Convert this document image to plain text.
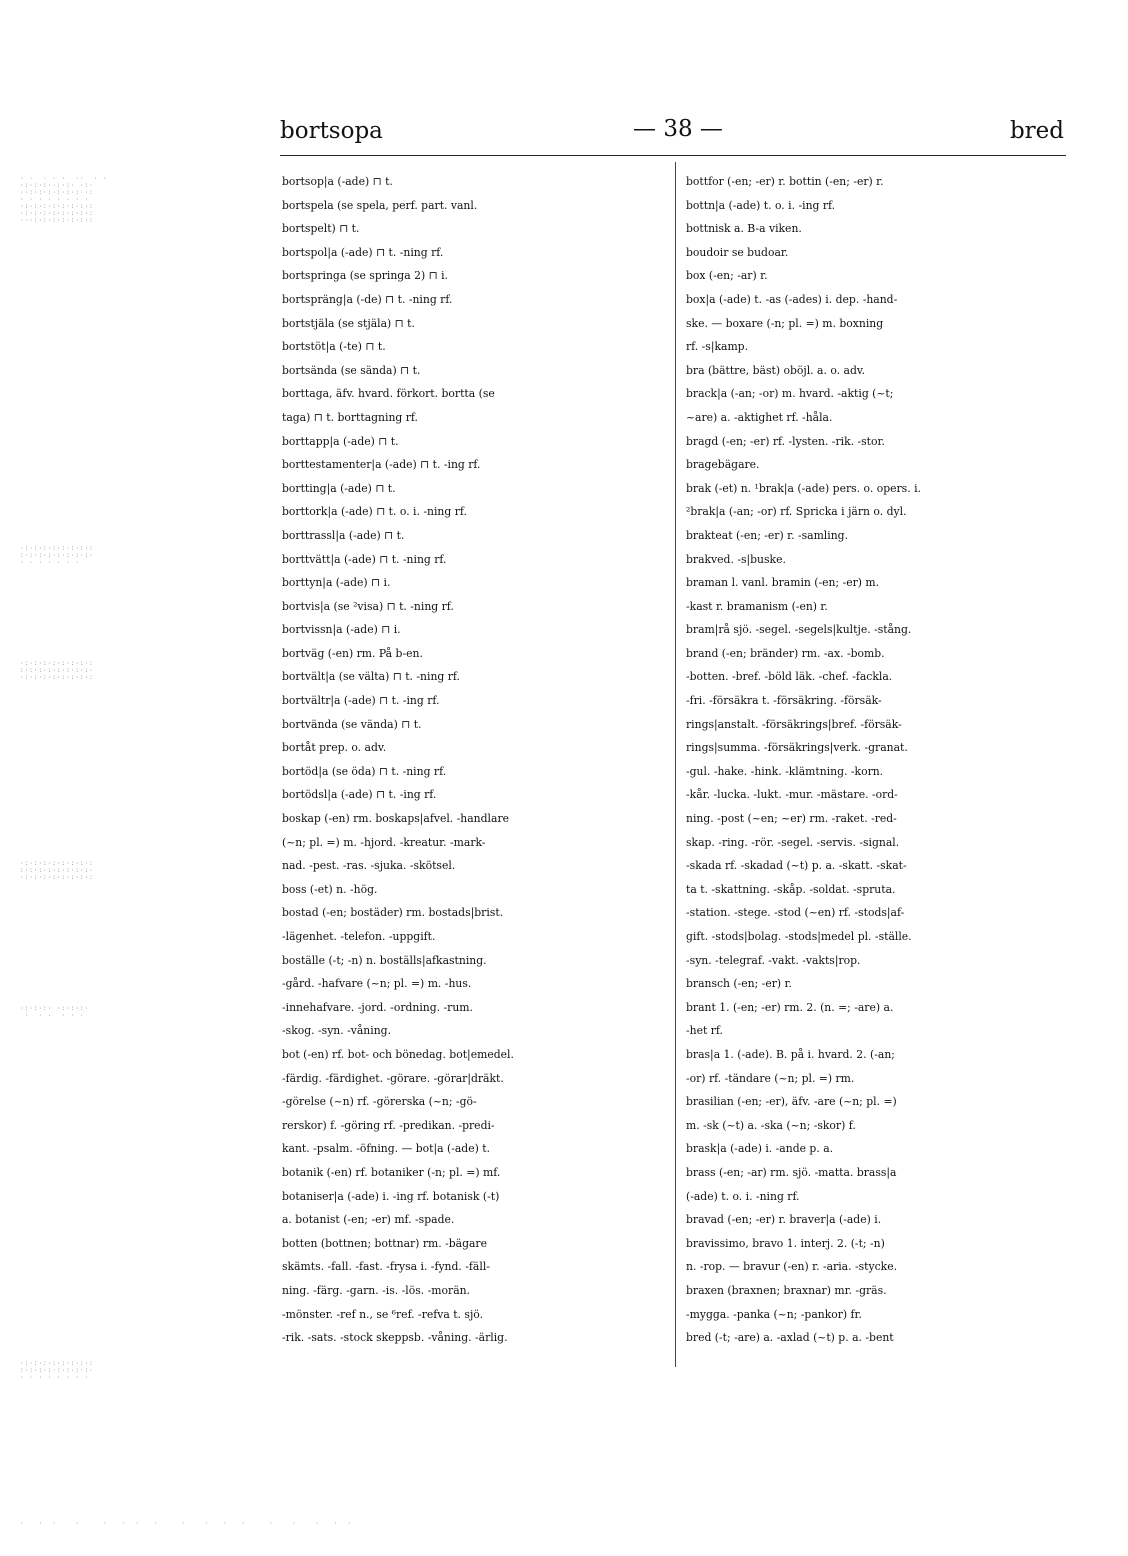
bortsopa	— 38 —	bred
bortsop|a (-ade) ⊓ t.
bortspela (se spela, perf. part. vanl.
bortspelt) ⊓ t.
bortspol|a (-ade) ⊓ t. -ning rf.
bortspringa (se springa 2) ⊓ i.
bortspräng|a (-de) ⊓ t. -ning rf.
bortstjäla (se stjäla) ⊓ t.
bortstöt|a (-te) ⊓ t.
bortsända (se sända) ⊓ t.
borttaga, äfv. hvard. förkort. bortta (se
taga) ⊓ t. borttagning rf.
borttapp|a (-ade) ⊓ t.
borttestamenter|a (-ade) ⊓ t. -ing rf.
bortting|a (-ade) ⊓ t.
borttork|a (-ade) ⊓ t. o. i. -ning rf.
borttrassl|a (-ade) ⊓ t.
borttvätt|a (-ade) ⊓ t. -ning rf.
borttyn|a (-ade) ⊓ i.
bortvis|a (se ²visa) ⊓ t. -ning rf.
bortvissn|a (-ade) ⊓ i.
bortväg (-en) rm. På b-en.
bortvält|a (se välta) ⊓ t. -ning rf.
bortvältr|a (-ade) ⊓ t. -ing rf.
bortvända (se vända) ⊓ t.
bortåt prep. o. adv.
bortöd|a (se öda) ⊓ t. -ning rf.
bortödsl|a (-ade) ⊓ t. -ing rf.
boskap (-en) rm. boskaps|afvel. -handlare
(~n; pl. =) m. -hjord. -kreatur. -mark-
nad. -pest. -ras. -sjuka. -skötsel.
boss (-et) n. -hög.
bostad (-en; bostäder) rm. bostads|brist.
-lägenhet. -telefon. -uppgift.
boställe (-t; -n) n. boställs|afkastning.
-gård. -hafvare (~n; pl. =) m. -hus.
-innehafvare. -jord. -ordning. -rum.
-skog. -syn. -våning.
bot (-en) rf. bot- och bönedag. bot|emedel.
-färdig. -färdighet. -görare. -görar|dräkt.
-görelse (~n) rf. -görerska (~n; -gö-
rerskor) f. -göring rf. -predikan. -predi-
kant. -psalm. -öfning. — bot|a (-ade) t.
botanik (-en) rf. botaniker (-n; pl. =) mf.
botaniser|a (-ade) i. -ing rf. botanisk (-t)
a. botanist (-en; -er) mf. -spade.
botten (bottnen; bottnar) rm. -bägare
skämts. -fall. -fast. -frysa i. -fynd. -fäll-
ning. -färg. -garn. -is. -lös. -morän.
-mönster. -ref n., se ⁶ref. -refva t. sjö.
-rik. -sats. -stock skeppsb. -våning. -ärlig.
bottfor (-en; -er) r. bottin (-en; -er) r.
bottn|a (-ade) t. o. i. -ing rf.
bottnisk a. B-a viken.
boudoir se budoar.
box (-en; -ar) r.
box|a (-ade) t. -as (-ades) i. dep. -hand-
ske. — boxare (-n; pl. =) m. boxning
rf. -s|kamp.
bra (bättre, bäst) oböjl. a. o. adv.
brack|a (-an; -or) m. hvard. -aktig (~t;
~are) a. -aktighet rf. -håla.
bragd (-en; -er) rf. -lysten. -rik. -stor.
bragebägare.
brak (-et) n. ¹brak|a (-ade) pers. o. opers. i.
²brak|a (-an; -or) rf. Spricka i järn o. dyl.
brakteat (-en; -er) r. -samling.
brakved. -s|buske.
braman l. vanl. bramin (-en; -er) m.
-kast r. bramanism (-en) r.
bram|rå sjö. -segel. -segels|kultje. -stång.
brand (-en; bränder) rm. -ax. -bomb.
-botten. -bref. -böld läk. -chef. -fackla.
-fri. -försäkra t. -försäkring. -försäk-
rings|anstalt. -försäkrings|bref. -försäk-
rings|summa. -försäkrings|verk. -granat.
-gul. -hake. -hink. -klämtning. -korn.
-kår. -lucka. -lukt. -mur. -mästare. -ord-
ning. -post (~en; ~er) rm. -raket. -red-
skap. -ring. -rör. -segel. -servis. -signal.
-skada rf. -skadad (~t) p. a. -skatt. -skat-
ta t. -skattning. -skåp. -soldat. -spruta.
-station. -stege. -stod (~en) rf. -stods|af-
gift. -stods|bolag. -stods|medel pl. -ställe.
-syn. -telegraf. -vakt. -vakts|rop.
bransch (-en; -er) r.
brant 1. (-en; -er) rm. 2. (n. =; -are) a.
-het rf.
bras|a 1. (-ade). B. på i. hvard. 2. (-an;
-or) rf. -tändare (~n; pl. =) rm.
brasilian (-en; -er), äfv. -are (~n; pl. =)
m. -sk (~t) a. -ska (~n; -skor) f.
brask|a (-ade) i. -ande p. a.
brass (-en; -ar) rm. sjö. -matta. brass|a
(-ade) t. o. i. -ning rf.
bravad (-en; -er) r. braver|a (-ade) i.
bravissimo, bravo 1. interj. 2. (-t; -n)
n. -rop. — bravur (-en) r. -aria. -stycke.
braxen (braxnen; braxnar) mr. -gräs.
-mygga. -panka (~n; -pankor) fr.
bred (-t; -are) a. -axlad (~t) p. a. -bent
· ·  · · ·  ··  · ·
·:·:·:··:·:· ·:·
··:·:·:·:·:·:··:
· · · · · · · ·
·:·:·:·:·:·:·:·:
·:·:·:·:·:·:·:·:
···:·:·:·:·:·:·:
·:·:·:·:·:·:·:·:
:·:·:·:·:·:·:·:·
· · · · · · ·
·:·:·:·:·:·:·:·:
:·:·:·:·:·:·:·:·
·:·:·:·:·:·:·:·:
·:·:·:·:·:·:·:·:
:·:·:·:·:·:·:·:·
·:·:·:·:·:·:·:·:
·:·:·:· ·:·:·:·
·  · ·  · · ·
·:·:·:·:·:·:·:·:
:·:·:·:·:·:·:·:·
· · · · · · · ·
·   ·  ·    ·     ·   ·  ·   ·     ·    ·   ·   ·     ·    ·    ·   ·  ·
